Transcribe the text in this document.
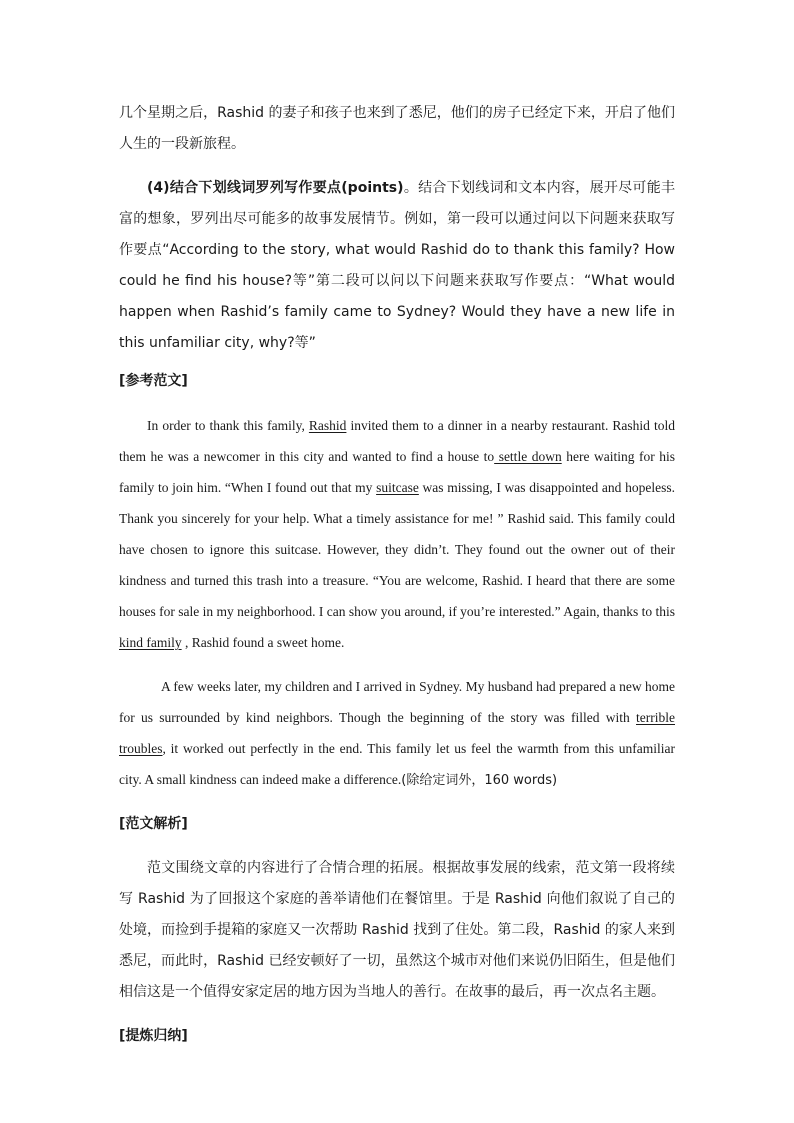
几个星期之后，Rashid 的妻子和孩子也来到了悉尼，他们的房子已经定下来，开启了他们人生的一段新旅程。

(4)结合下划线词罗列写作要点(points)。结合下划线词和文本内容，展开尽可能丰富的想象，罗列出尽可能多的故事发展情节。例如，第一段可以通过问以下问题来获取写作要点“According to the story, what would Rashid do to thank this family? How could he find his house?等”第二段可以问以下问题来获取写作要点：“What would happen when Rashid’s family came to Sydney? Would they have a new life in this unfamiliar city, why?等”

[参考范文]

In order to thank this family, Rashid invited them to a dinner in a nearby restaurant. Rashid told them he was a newcomer in this city and wanted to find a house to settle down here waiting for his family to join him. “When I found out that my suitcase was missing, I was disappointed and hopeless. Thank you sincerely for your help. What a timely assistance for me! ” Rashid said. This family could have chosen to ignore this suitcase. However, they didn’t. They found out the owner out of their kindness and turned this trash into a treasure. “You are welcome, Rashid. I heard that there are some houses for sale in my neighborhood. I can show you around, if you’re interested.” Again, thanks to this kind family , Rashid found a sweet home.

A few weeks later, my children and I arrived in Sydney. My husband had prepared a new home for us surrounded by kind neighbors. Though the beginning of the story was filled with terrible troubles, it worked out perfectly in the end. This family let us feel the warmth from this unfamiliar city. A small kindness can indeed make a difference.(除给定词外，160 words)

[范文解析]

范文围绕文章的内容进行了合情合理的拓展。根据故事发展的线索，范文第一段将续写 Rashid 为了回报这个家庭的善举请他们在餐馆里。于是 Rashid 向他们叙说了自己的处境，而捡到手提箱的家庭又一次帮助 Rashid 找到了住处。第二段，Rashid 的家人来到悉尼，而此时，Rashid 已经安顿好了一切，虽然这个城市对他们来说仍旧陌生，但是他们相信这是一个值得安家定居的地方因为当地人的善行。在故事的最后，再一次点名主题。

[提炼归纳]
